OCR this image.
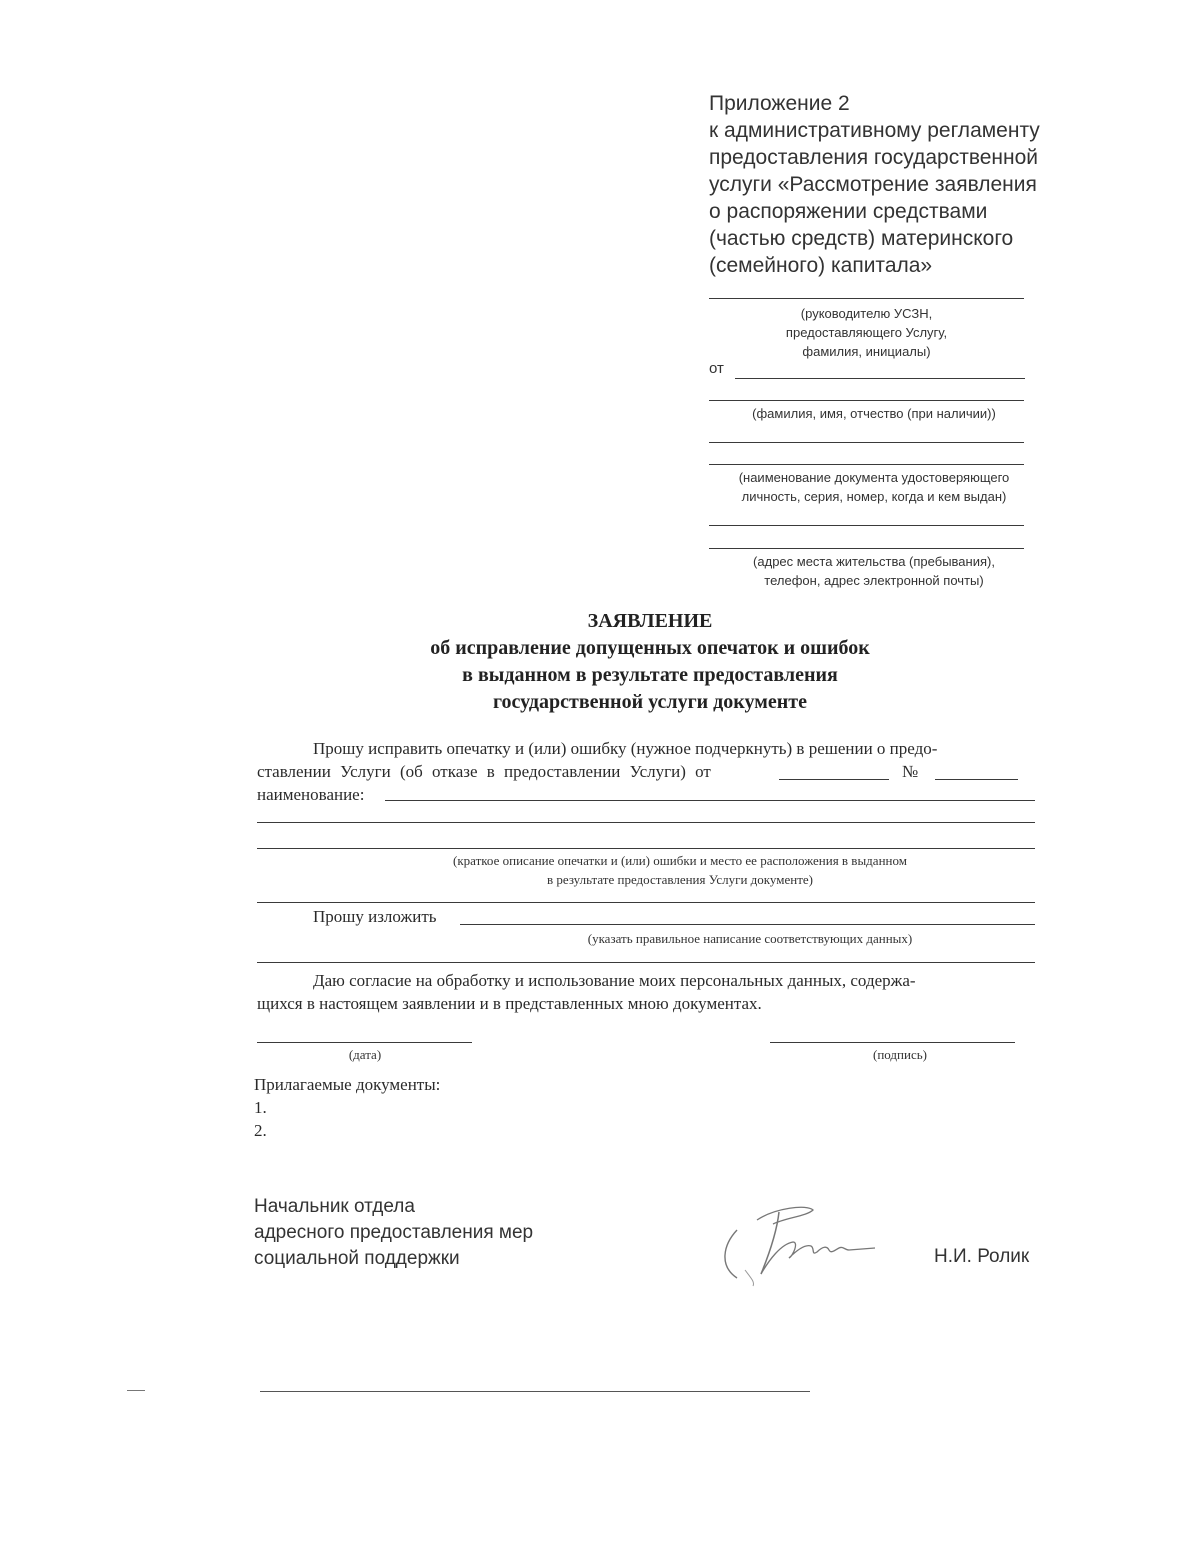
Приложение 2
к административному регламенту
предоставления государственной
услуги «Рассмотрение заявления
о распоряжении средствами
(частью средств) материнского
(семейного) капитала»
(руководителю УСЗН,
предоставляющего Услугу,
фамилия, инициалы)
от
(фамилия, имя, отчество (при наличии))
(наименование документа удостоверяющего
личность, серия, номер, когда и кем выдан)
(адрес места жительства (пребывания),
телефон, адрес электронной почты)
ЗАЯВЛЕНИЕ
об исправление допущенных опечаток и ошибок
в выданном в результате предоставления
государственной услуги документе
Прошу исправить опечатку и (или) ошибку (нужное подчеркнуть) в решении о предо-
ставлении Услуги (об отказе в предоставлении Услуги) от	№
наименование:
(краткое описание опечатки и (или) ошибки и место ее расположения в выданном
в результате предоставления Услуги документе)
Прошу изложить
(указать правильное написание соответствующих данных)
Даю согласие на обработку и использование моих персональных данных, содержа-
щихся в настоящем заявлении и в представленных мною документах.
(дата)	(подпись)
Прилагаемые документы:
1.
2.
Начальник отдела
адресного предоставления мер
социальной поддержки	Н.И. Ролик
